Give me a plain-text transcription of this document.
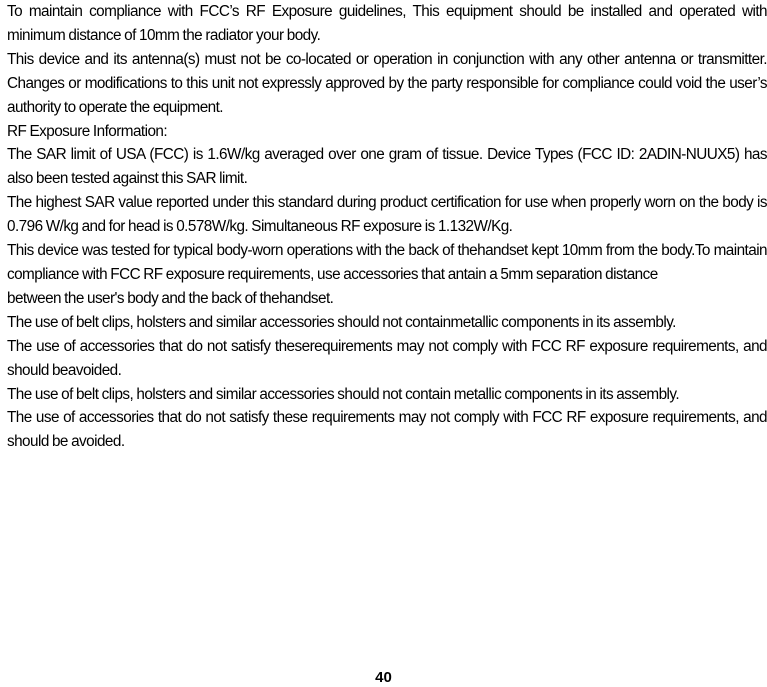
To maintain compliance with FCC’s RF Exposure guidelines, This equipment should be installed and operated with minimum distance of 10mm the radiator your body.

This device and its antenna(s) must not be co-located or operation in conjunction with any other antenna or transmitter. Changes or modifications to this unit not expressly approved by the party responsible for compliance could void the user’s authority to operate the equipment.

RF Exposure Information:

The SAR limit of USA (FCC) is 1.6W/kg averaged over one gram of tissue. Device Types (FCC ID: 2ADIN-NUUX5) has also been tested against this SAR limit.

The highest SAR value reported under this standard during product certification for use when properly worn on the body is 0.796 W/kg and for head is 0.578W/kg. Simultaneous RF exposure is 1.132W/Kg.

This device was tested for typical body‐worn operations with the back of thehandset kept 10mm from the body.To maintain compliance with FCC RF exposure requirements, use accessories that antain a 5mm separation distance

between the user's body and the back of thehandset.

The use of belt clips, holsters and similar accessories should not containmetallic components in its assembly.

The use of accessories that do not satisfy theserequirements may not comply with FCC RF exposure requirements, and should beavoided.

The use of belt clips, holsters and similar accessories should not contain metallic components in its assembly.

The use of accessories that do not satisfy these requirements may not comply with FCC RF exposure requirements, and should be avoided.

40
